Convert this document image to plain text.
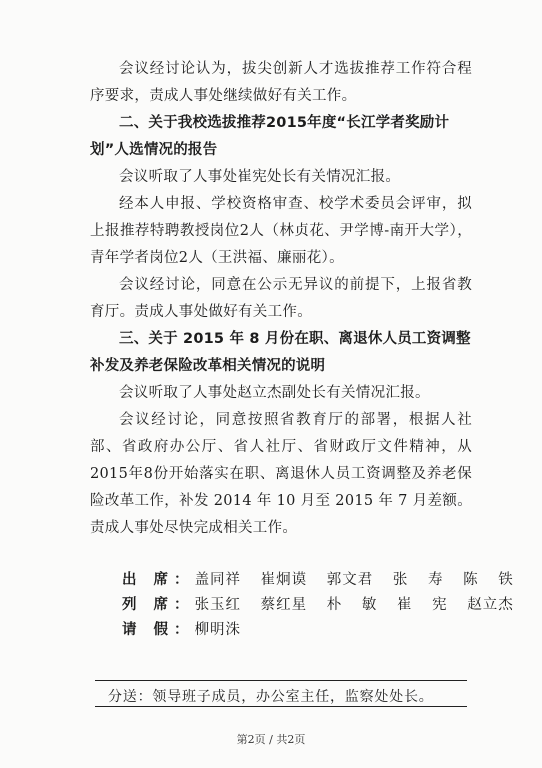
会议经讨论认为，拔尖创新人才选拔推荐工作符合程序要求，责成人事处继续做好有关工作。

二、关于我校选拔推荐2015年度“长江学者奖励计划”人选情况的报告

会议听取了人事处崔宪处长有关情况汇报。

经本人申报、学校资格审查、校学术委员会评审，拟上报推荐特聘教授岗位2人（林贞花、尹学博-南开大学），青年学者岗位2人（王洪福、廉丽花）。

会议经讨论，同意在公示无异议的前提下，上报省教育厅。责成人事处做好有关工作。

三、关于 2015 年 8 月份在职、离退休人员工资调整补发及养老保险改革相关情况的说明

会议听取了人事处赵立杰副处长有关情况汇报。

会议经讨论，同意按照省教育厅的部署，根据人社部、省政府办公厅、省人社厅、省财政厅文件精神，从2015年8份开始落实在职、离退休人员工资调整及养老保险改革工作，补发 2014 年 10 月至 2015 年 7 月差额。责成人事处尽快完成相关工作。

出 席：盖同祥 崔炯谟 郭文君 张 寿 陈 铁
列 席：张玉红 蔡红星 朴 敏 崔 宪 赵立杰
请 假：柳明洙
分送：领导班子成员，办公室主任，监察处处长。
第2页 / 共2页
